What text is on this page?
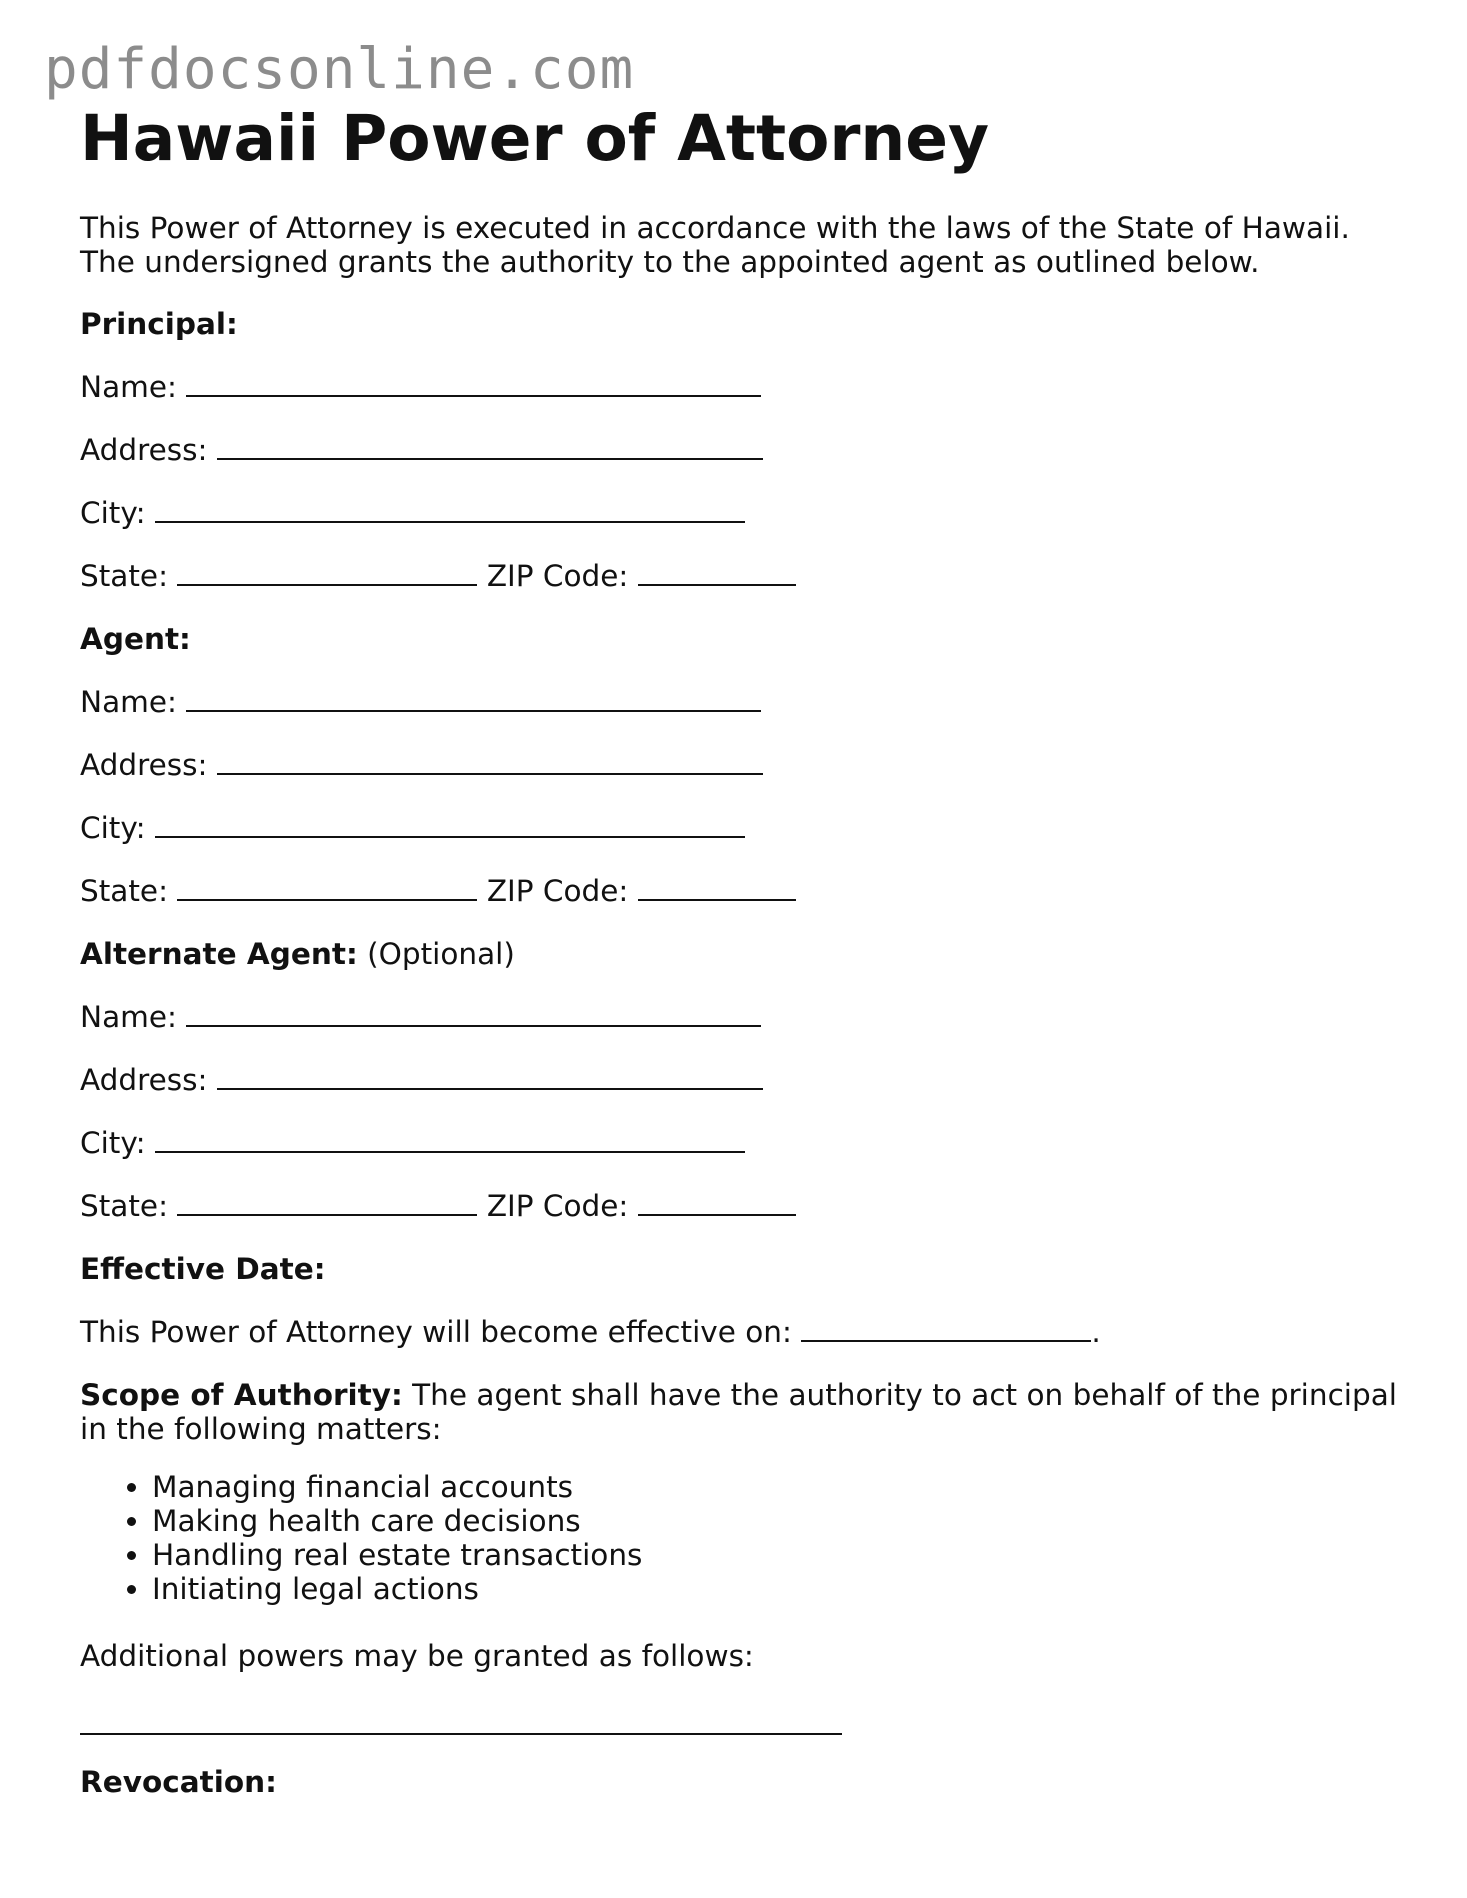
pdfdocsonline.com
Hawaii Power of Attorney
This Power of Attorney is executed in accordance with the laws of the State of Hawaii. The undersigned grants the authority to the appointed agent as outlined below.
Principal:
Name:
Address:
City:
State:	ZIP Code:
Agent:
Name:
Address:
City:
State:	ZIP Code:
Alternate Agent: (Optional)
Name:
Address:
City:
State:	ZIP Code:
Effective Date:
This Power of Attorney will become effective on:	.
Scope of Authority: The agent shall have the authority to act on behalf of the principal
in the following matters:
• Managing financial accounts
• Making health care decisions
• Handling real estate transactions
• Initiating legal actions
Additional powers may be granted as follows:
Revocation:
